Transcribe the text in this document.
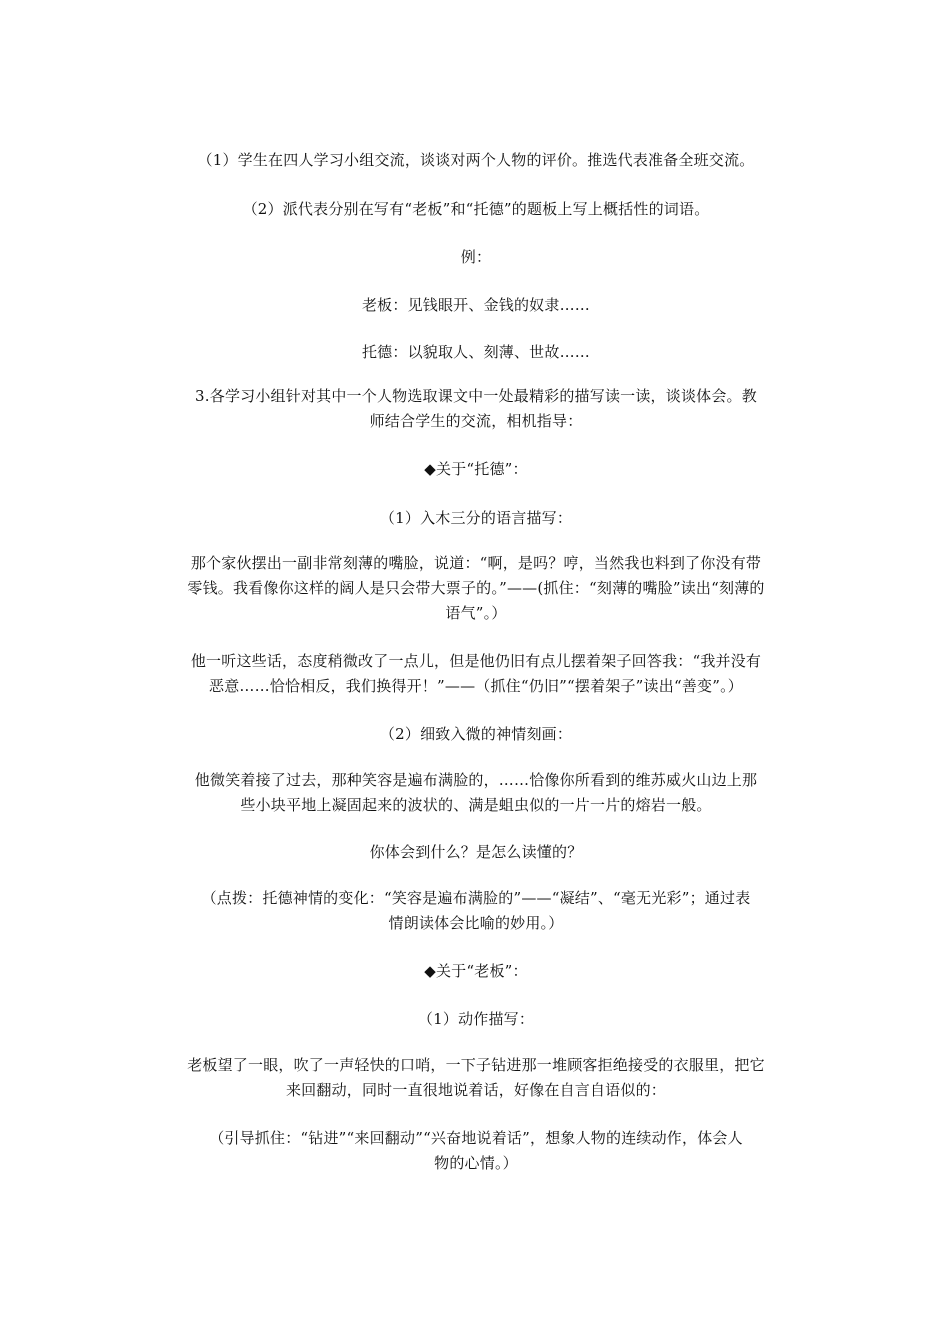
（1）学生在四人学习小组交流，谈谈对两个人物的评价。推选代表准备全班交流。

（2）派代表分别在写有“老板”和“托德”的题板上写上概括性的词语。

例：

老板：见钱眼开、金钱的奴隶……

托德：以貌取人、刻薄、世故……

3.各学习小组针对其中一个人物选取课文中一处最精彩的描写读一读，谈谈体会。教
师结合学生的交流，相机指导：

◆关于“托德”：

（1）入木三分的语言描写：

那个家伙摆出一副非常刻薄的嘴脸，说道：“啊，是吗？哼，当然我也料到了你没有带
零钱。我看像你这样的阔人是只会带大票子的。”——(抓住：“刻薄的嘴脸”读出“刻薄的
语气”。）

他一听这些话，态度稍微改了一点儿，但是他仍旧有点儿摆着架子回答我：“我并没有
恶意……恰恰相反，我们换得开！”——（抓住“仍旧”“摆着架子”读出“善变”。）

（2）细致入微的神情刻画：

他微笑着接了过去，那种笑容是遍布满脸的，……恰像你所看到的维苏威火山边上那
些小块平地上凝固起来的波状的、满是蛆虫似的一片一片的熔岩一般。

你体会到什么？是怎么读懂的？

（点拨：托德神情的变化：“笑容是遍布满脸的”——“凝结”、“毫无光彩”；通过表
情朗读体会比喻的妙用。）

◆关于“老板”：

（1）动作描写：

老板望了一眼，吹了一声轻快的口哨，一下子钻进那一堆顾客拒绝接受的衣服里，把它
来回翻动，同时一直很地说着话，好像在自言自语似的：

（引导抓住：“钻进”“来回翻动”“兴奋地说着话”，想象人物的连续动作，体会人
物的心情。）
